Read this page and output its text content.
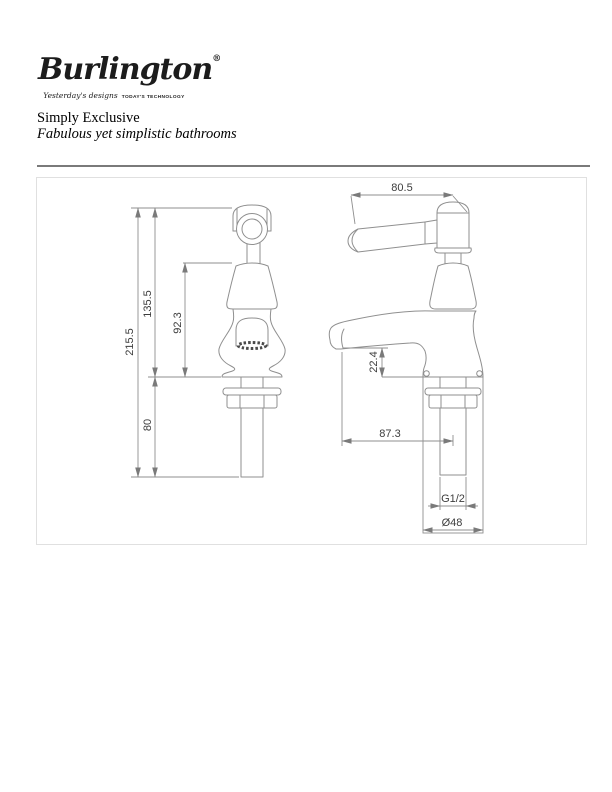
Burlington®
Yesterday's designs TODAY'S TECHNOLOGY
Simply Exclusive
Fabulous yet simplistic bathrooms
215.5
135.5
92.3
80
80.5
22.4
87.3
G1/2
Ø48
